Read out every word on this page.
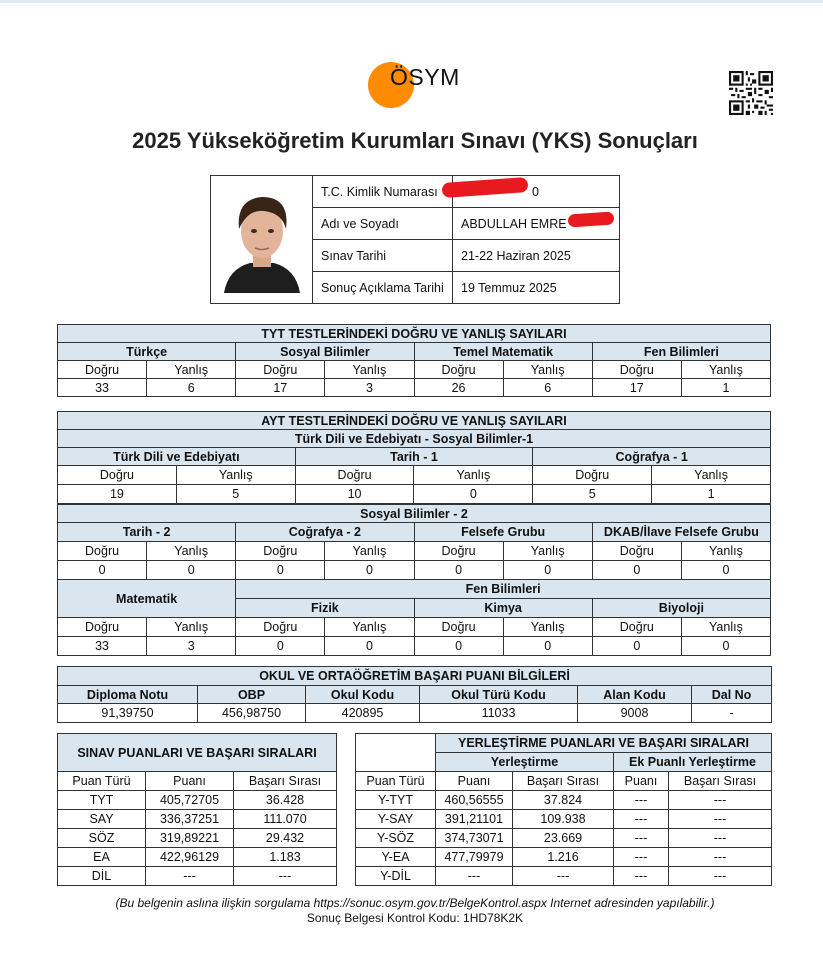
ÖSYM
2025 Yükseköğretim Kurumları Sınavı (YKS) Sonuçları
	T.C. Kimlik Numarası	0
	Adı ve Soyadı	ABDULLAH EMRE
	Sınav Tarihi	21-22 Haziran 2025
	Sonuç Açıklama Tarihi	19 Temmuz 2025
TYT TESTLERİNDEKİ DOĞRU VE YANLIŞ SAYILARI							
Türkçe		Sosyal Bilimler		Temel Matematik		Fen Bilimleri	
Doğru	Yanlış	Doğru	Yanlış	Doğru	Yanlış	Doğru	Yanlış
33	6	17	3	26	6	17	1
AYT TESTLERİNDEKİ DOĞRU VE YANLIŞ SAYILARI					
Türk Dili ve Edebiyatı - Sosyal Bilimler-1					
Türk Dili ve Edebiyatı		Tarih - 1		Coğrafya - 1	
Doğru	Yanlış	Doğru	Yanlış	Doğru	Yanlış
19	5	10	0	5	1
Sosyal Bilimler - 2							
Tarih - 2		Coğrafya - 2		Felsefe Grubu		DKAB/İlave Felsefe Grubu	
Doğru	Yanlış	Doğru	Yanlış	Doğru	Yanlış	Doğru	Yanlış
0	0	0	0	0	0	0	0
Matematik		Fen Bilimleri					
		Fizik		Kimya		Biyoloji	
Doğru	Yanlış	Doğru	Yanlış	Doğru	Yanlış	Doğru	Yanlış
33	3	0	0	0	0	0	0
OKUL VE ORTAÖĞRETİM BAŞARI PUANI BİLGİLERİ					
Diploma Notu	OBP	Okul Kodu	Okul Türü Kodu	Alan Kodu	Dal No
91,39750	456,98750	420895	11033	9008	-
SINAV PUANLARI VE BAŞARI SIRALARI		
Puan Türü	Puanı	Başarı Sırası
TYT	405,72705	36.428
SAY	336,37251	111.070
SÖZ	319,89221	29.432
EA	422,96129	1.183
DİL	---	---
	YERLEŞTİRME PUANLARI VE BAŞARI SIRALARI			
	Yerleştirme		Ek Puanlı Yerleştirme	
Puan Türü	Puanı	Başarı Sırası	Puanı	Başarı Sırası
Y-TYT	460,56555	37.824	---	---
Y-SAY	391,21101	109.938	---	---
Y-SÖZ	374,73071	23.669	---	---
Y-EA	477,79979	1.216	---	---
Y-DİL	---	---	---	---
(Bu belgenin aslına ilişkin sorgulama https://sonuc.osym.gov.tr/BelgeKontrol.aspx Internet adresinden yapılabilir.)
Sonuç Belgesi Kontrol Kodu: 1HD78K2K
